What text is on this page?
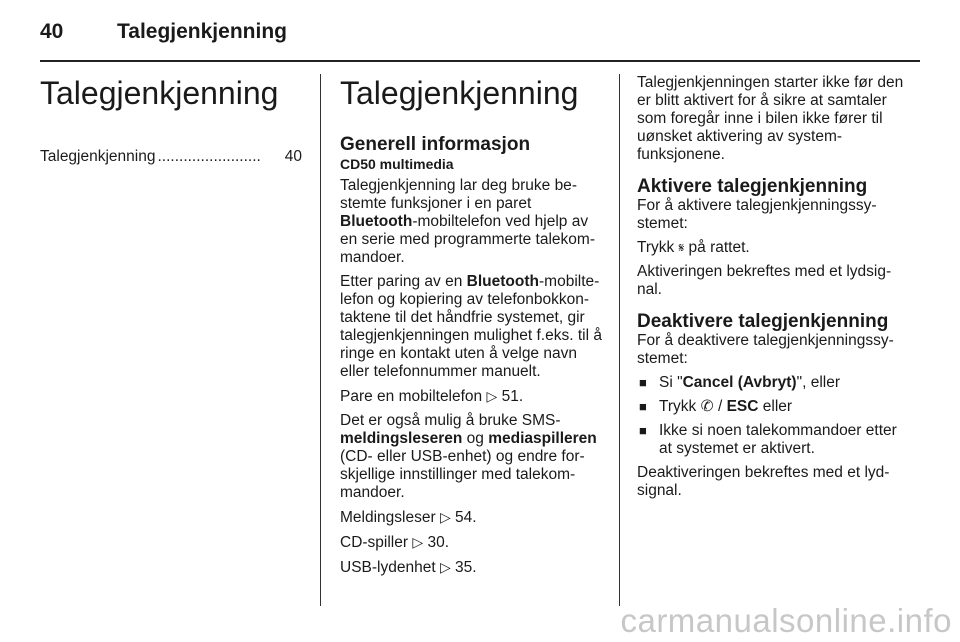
40	Talegjenkjenning
Talegjenkjenning
Talegjenkjenning ........................	40
Talegjenkjenning
Generell informasjon
CD50 multimedia

Talegjenkjenning lar deg bruke bestemte funksjoner i en paret Bluetooth-mobiltelefon ved hjelp av en serie med programmerte talekommandoer.

Etter paring av en Bluetooth-mobiltelefon og kopiering av telefonbokkontaktene til det håndfrie systemet, gir talegjenkjenningen mulighet f.eks. til å ringe en kontakt uten å velge navn eller telefonnummer manuelt.

Pare en mobiltelefon ▷ 51.

Det er også mulig å bruke SMS-
meldingsleseren og mediaspilleren
(CD- eller USB-enhet) og endre forskjellige innstillinger med talekommandoer.

Meldingsleser ▷ 54.

CD-spiller ▷ 30.

USB-lydenhet ▷ 35.

Talegjenkjenningen starter ikke før den er blitt aktivert for å sikre at samtaler som foregår inne i bilen ikke fører til uønsket aktivering av systemfunksjonene.

Aktivere talegjenkjenning

For å aktivere talegjenkjenningssystemet:

Trykk 𝄋 på rattet.

Aktiveringen bekreftes med et lydsignal.

Deaktivere talegjenkjenning

For å deaktivere talegjenkjenningssystemet:

■ Si "Cancel (Avbryt)", eller
■ Trykk ✆ / ESC eller
■ Ikke si noen talekommandoer etter at systemet er aktivert.

Deaktiveringen bekreftes med et lydsignal.

carmanualsonline.info
